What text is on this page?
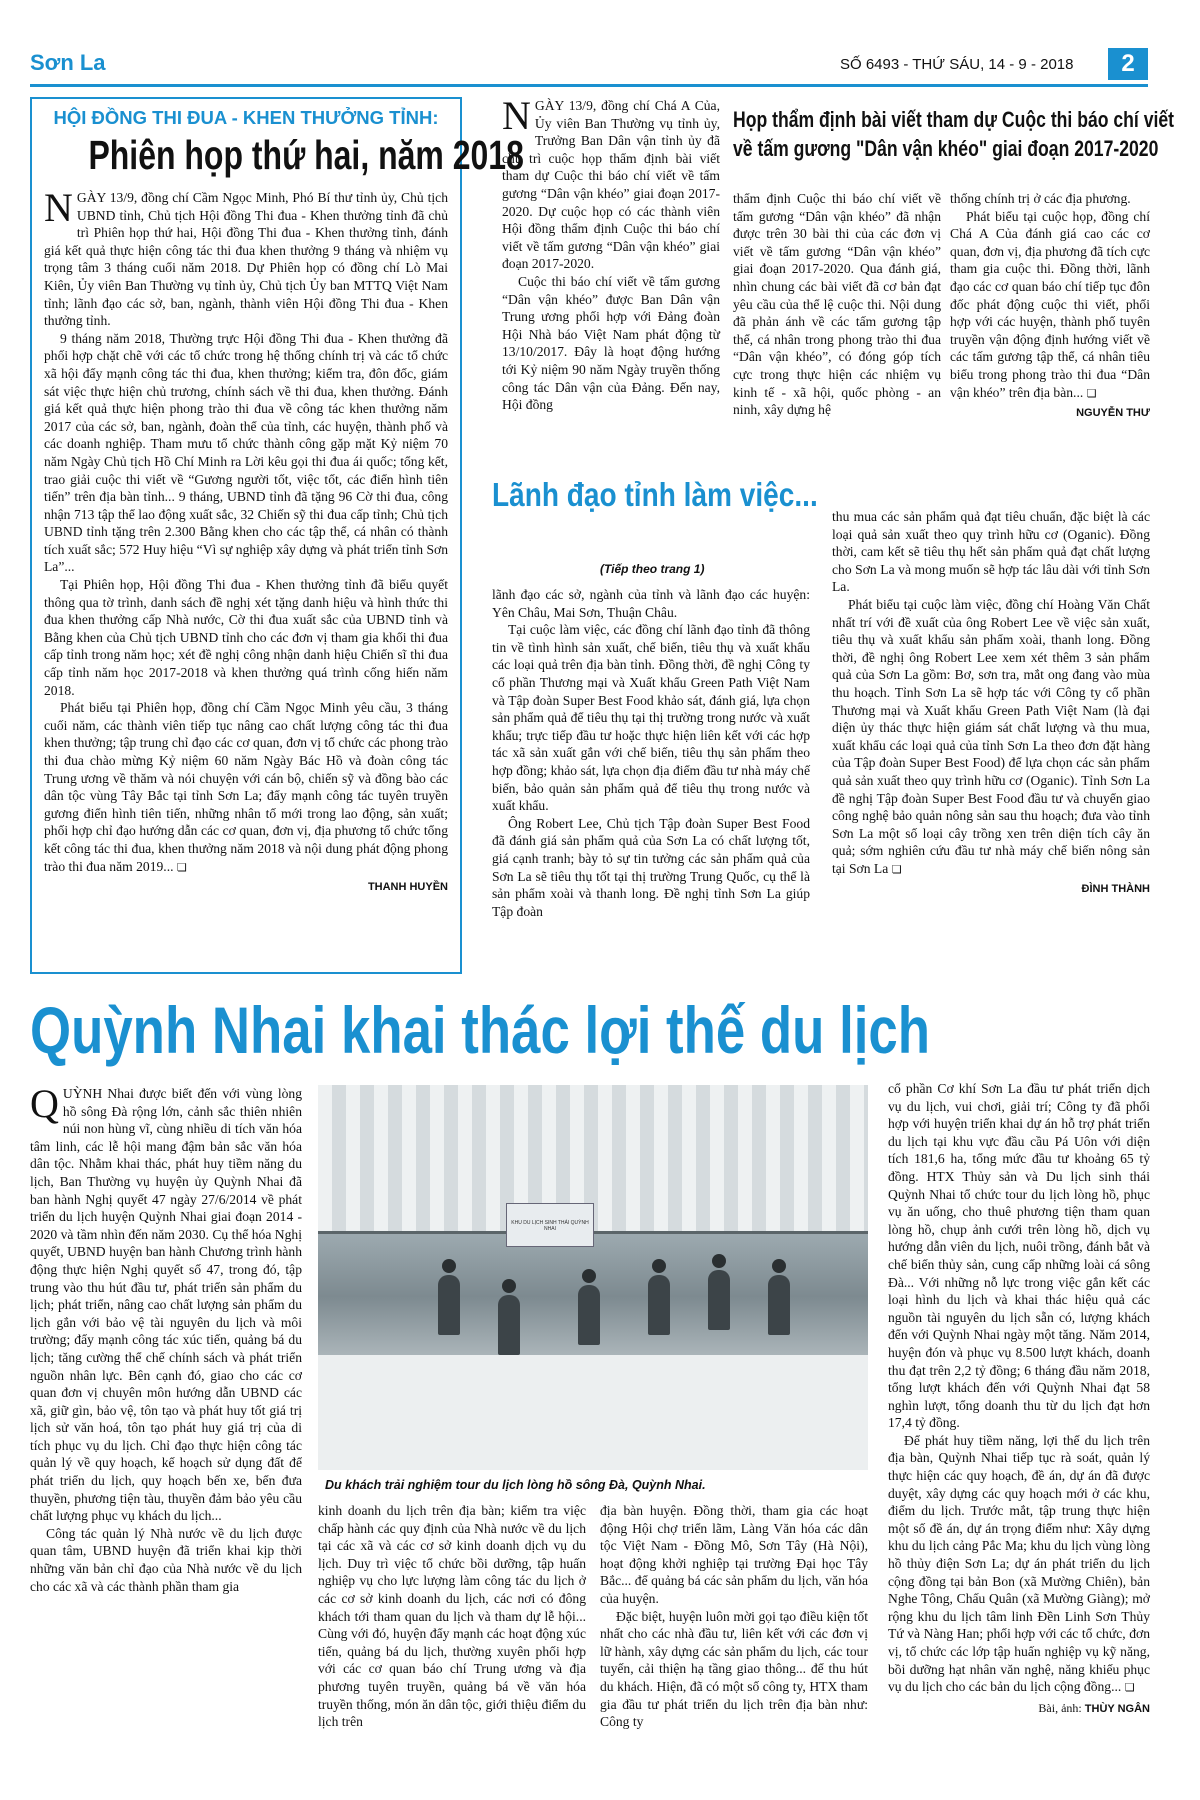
Sơn La	SỐ 6493 - THỨ SÁU, 14 - 9 - 2018	2
HỘI ĐỒNG THI ĐUA - KHEN THƯỞNG TỈNH:
Phiên họp thứ hai, năm 2018

NGÀY 13/9, đồng chí Cầm Ngọc Minh, Phó Bí thư tỉnh ủy, Chủ tịch UBND tỉnh, Chủ tịch Hội đồng Thi đua - Khen thưởng tỉnh đã chủ trì Phiên họp thứ hai, Hội đồng Thi đua - Khen thưởng tỉnh, đánh giá kết quả thực hiện công tác thi đua khen thưởng 9 tháng và nhiệm vụ trọng tâm 3 tháng cuối năm 2018. Dự Phiên họp có đồng chí Lò Mai Kiên, Ủy viên Ban Thường vụ tỉnh ủy, Chủ tịch Ủy ban MTTQ Việt Nam tỉnh; lãnh đạo các sở, ban, ngành, thành viên Hội đồng Thi đua - Khen thưởng tỉnh.

9 tháng năm 2018, Thường trực Hội đồng Thi đua - Khen thưởng đã phối hợp chặt chẽ với các tổ chức trong hệ thống chính trị và các tổ chức xã hội đẩy mạnh công tác thi đua, khen thưởng; kiểm tra, đôn đốc, giám sát việc thực hiện chủ trương, chính sách về thi đua, khen thưởng. Đánh giá kết quả thực hiện phong trào thi đua về công tác khen thưởng năm 2017 của các sở, ban, ngành, đoàn thể của tỉnh, các huyện, thành phố và các doanh nghiệp. Tham mưu tổ chức thành công gặp mặt Kỷ niệm 70 năm Ngày Chủ tịch Hồ Chí Minh ra Lời kêu gọi thi đua ái quốc; tổng kết, trao giải cuộc thi viết về “Gương người tốt, việc tốt, các điển hình tiên tiến” trên địa bàn tỉnh... 9 tháng, UBND tỉnh đã tặng 96 Cờ thi đua, công nhận 713 tập thể lao động xuất sắc, 32 Chiến sỹ thi đua cấp tỉnh; Chủ tịch UBND tỉnh tặng trên 2.300 Bằng khen cho các tập thể, cá nhân có thành tích xuất sắc; 572 Huy hiệu “Vì sự nghiệp xây dựng và phát triển tỉnh Sơn La”...

Tại Phiên họp, Hội đồng Thi đua - Khen thưởng tỉnh đã biểu quyết thông qua tờ trình, danh sách đề nghị xét tặng danh hiệu và hình thức thi đua khen thưởng cấp Nhà nước, Cờ thi đua xuất sắc của UBND tỉnh và Bằng khen của Chủ tịch UBND tỉnh cho các đơn vị tham gia khối thi đua cấp tỉnh trong năm học; xét đề nghị công nhận danh hiệu Chiến sĩ thi đua cấp tỉnh năm học 2017-2018 và khen thưởng quá trình cống hiến năm 2018.

Phát biểu tại Phiên họp, đồng chí Cầm Ngọc Minh yêu cầu, 3 tháng cuối năm, các thành viên tiếp tục nâng cao chất lượng công tác thi đua khen thưởng; tập trung chỉ đạo các cơ quan, đơn vị tổ chức các phong trào thi đua chào mừng Kỷ niệm 60 năm Ngày Bác Hồ và đoàn công tác Trung ương về thăm và nói chuyện với cán bộ, chiến sỹ và đồng bào các dân tộc vùng Tây Bắc tại tỉnh Sơn La; đẩy mạnh công tác tuyên truyền gương điển hình tiên tiến, những nhân tố mới trong lao động, sản xuất; phối hợp chỉ đạo hướng dẫn các cơ quan, đơn vị, địa phương tổ chức tổng kết công tác thi đua, khen thưởng năm 2018 và nội dung phát động phong trào thi đua năm 2019... ❏

THANH HUYỀN

NGÀY 13/9, đồng chí Chá A Của, Ủy viên Ban Thường vụ tỉnh ủy, Trưởng Ban Dân vận tỉnh ủy đã chủ trì cuộc họp thẩm định bài viết tham dự Cuộc thi báo chí viết về tấm gương “Dân vận khéo” giai đoạn 2017-2020. Dự cuộc họp có các thành viên Hội đồng thẩm định Cuộc thi báo chí viết về tấm gương “Dân vận khéo” giai đoạn 2017-2020.

Cuộc thi báo chí viết về tấm gương “Dân vận khéo” được Ban Dân vận Trung ương phối hợp với Đảng đoàn Hội Nhà báo Việt Nam phát động từ 13/10/2017. Đây là hoạt động hướng tới Kỷ niệm 90 năm Ngày truyền thống công tác Dân vận của Đảng. Đến nay, Hội đồng

Họp thẩm định bài viết tham dự Cuộc thi báo chí viết
về tấm gương "Dân vận khéo" giai đoạn 2017-2020

thẩm định Cuộc thi báo chí viết về tấm gương “Dân vận khéo” đã nhận được trên 30 bài thi của các đơn vị viết về tấm gương “Dân vận khéo” giai đoạn 2017-2020. Qua đánh giá, nhìn chung các bài viết đã cơ bản đạt yêu cầu của thể lệ cuộc thi. Nội dung đã phản ánh về các tấm gương tập thể, cá nhân trong phong trào thi đua “Dân vận khéo”, có đóng góp tích cực trong thực hiện các nhiệm vụ kinh tế - xã hội, quốc phòng - an ninh, xây dựng hệ

thống chính trị ở các địa phương.

Phát biểu tại cuộc họp, đồng chí Chá A Của đánh giá cao các cơ quan, đơn vị, địa phương đã tích cực tham gia cuộc thi. Đồng thời, lãnh đạo các cơ quan báo chí tiếp tục đôn đốc phát động cuộc thi viết, phối hợp với các huyện, thành phố tuyên truyền vận động định hướng viết về các tấm gương tập thể, cá nhân tiêu biểu trong phong trào thi đua “Dân vận khéo” trên địa bàn... ❏

NGUYỄN THƯ
Lãnh đạo tỉnh làm việc...
(Tiếp theo trang 1)

lãnh đạo các sở, ngành của tỉnh và lãnh đạo các huyện: Yên Châu, Mai Sơn, Thuận Châu.

Tại cuộc làm việc, các đồng chí lãnh đạo tỉnh đã thông tin về tình hình sản xuất, chế biến, tiêu thụ và xuất khẩu các loại quả trên địa bàn tỉnh. Đồng thời, đề nghị Công ty cổ phần Thương mại và Xuất khẩu Green Path Việt Nam và Tập đoàn Super Best Food khảo sát, đánh giá, lựa chọn sản phẩm quả để tiêu thụ tại thị trường trong nước và xuất khẩu; trực tiếp đầu tư hoặc thực hiện liên kết với các hợp tác xã sản xuất gắn với chế biến, tiêu thụ sản phẩm theo hợp đồng; khảo sát, lựa chọn địa điểm đầu tư nhà máy chế biến, bảo quản sản phẩm quả để tiêu thụ trong nước và xuất khẩu.

Ông Robert Lee, Chủ tịch Tập đoàn Super Best Food đã đánh giá sản phẩm quả của Sơn La có chất lượng tốt, giá cạnh tranh; bày tỏ sự tin tưởng các sản phẩm quả của Sơn La sẽ tiêu thụ tốt tại thị trường Trung Quốc, cụ thể là sản phẩm xoài và thanh long. Đề nghị tỉnh Sơn La giúp Tập đoàn

thu mua các sản phẩm quả đạt tiêu chuẩn, đặc biệt là các loại quả sản xuất theo quy trình hữu cơ (Oganic). Đồng thời, cam kết sẽ tiêu thụ hết sản phẩm quả đạt chất lượng cho Sơn La và mong muốn sẽ hợp tác lâu dài với tỉnh Sơn La.

Phát biểu tại cuộc làm việc, đồng chí Hoàng Văn Chất nhất trí với đề xuất của ông Robert Lee về việc sản xuất, tiêu thụ và xuất khẩu sản phẩm xoài, thanh long. Đồng thời, đề nghị ông Robert Lee xem xét thêm 3 sản phẩm quả của Sơn La gồm: Bơ, sơn tra, mắt ong đang vào mùa thu hoạch. Tỉnh Sơn La sẽ hợp tác với Công ty cổ phần Thương mại và Xuất khẩu Green Path Việt Nam (là đại diện ủy thác thực hiện giám sát chất lượng và thu mua, xuất khẩu các loại quả của tỉnh Sơn La theo đơn đặt hàng của Tập đoàn Super Best Food) để lựa chọn các sản phẩm quả sản xuất theo quy trình hữu cơ (Oganic). Tỉnh Sơn La đề nghị Tập đoàn Super Best Food đầu tư và chuyển giao công nghệ bảo quản nông sản sau thu hoạch; đưa vào tỉnh Sơn La một số loại cây trồng xen trên diện tích cây ăn quả; sớm nghiên cứu đầu tư nhà máy chế biến nông sản tại Sơn La ❏

ĐÌNH THÀNH
Quỳnh Nhai khai thác lợi thế du lịch

QUỲNH Nhai được biết đến với vùng lòng hồ sông Đà rộng lớn, cảnh sắc thiên nhiên núi non hùng vĩ, cùng nhiều di tích văn hóa tâm linh, các lễ hội mang đậm bản sắc văn hóa dân tộc. Nhằm khai thác, phát huy tiềm năng du lịch, Ban Thường vụ huyện ủy Quỳnh Nhai đã ban hành Nghị quyết 47 ngày 27/6/2014 về phát triển du lịch huyện Quỳnh Nhai giai đoạn 2014 - 2020 và tầm nhìn đến năm 2030. Cụ thể hóa Nghị quyết, UBND huyện ban hành Chương trình hành động thực hiện Nghị quyết số 47, trong đó, tập trung vào thu hút đầu tư, phát triển sản phẩm du lịch; phát triển, nâng cao chất lượng sản phẩm du lịch gắn với bảo vệ tài nguyên du lịch và môi trường; đẩy mạnh công tác xúc tiến, quảng bá du lịch; tăng cường thể chế chính sách và phát triển nguồn nhân lực. Bên cạnh đó, giao cho các cơ quan đơn vị chuyên môn hướng dẫn UBND các xã, giữ gìn, bảo vệ, tôn tạo và phát huy tốt giá trị lịch sử văn hoá, tôn tạo phát huy giá trị của di tích phục vụ du lịch. Chỉ đạo thực hiện công tác quản lý về quy hoạch, kế hoạch sử dụng đất để phát triển du lịch, quy hoạch bến xe, bến đưa thuyền, phương tiện tàu, thuyền đảm bảo yêu cầu chất lượng phục vụ khách du lịch...

Công tác quản lý Nhà nước về du lịch được quan tâm, UBND huyện đã triển khai kịp thời những văn bản chỉ đạo của Nhà nước về du lịch cho các xã và các thành phần tham gia

KHU DU LỊCH SINH THÁI QUỲNH NHAI
Du khách trải nghiệm tour du lịch lòng hồ sông Đà, Quỳnh Nhai.

kinh doanh du lịch trên địa bàn; kiểm tra việc chấp hành các quy định của Nhà nước về du lịch tại các xã và các cơ sở kinh doanh dịch vụ du lịch. Duy trì việc tổ chức bồi dưỡng, tập huấn nghiệp vụ cho lực lượng làm công tác du lịch ở các cơ sở kinh doanh du lịch, các nơi có đông khách tới tham quan du lịch và tham dự lễ hội... Cùng với đó, huyện đẩy mạnh các hoạt động xúc tiến, quảng bá du lịch, thường xuyên phối hợp với các cơ quan báo chí Trung ương và địa phương tuyên truyền, quảng bá về văn hóa truyền thống, món ăn dân tộc, giới thiệu điểm du lịch trên

địa bàn huyện. Đồng thời, tham gia các hoạt động Hội chợ triển lãm, Làng Văn hóa các dân tộc Việt Nam - Đồng Mô, Sơn Tây (Hà Nội), hoạt động khởi nghiệp tại trường Đại học Tây Bắc... để quảng bá các sản phẩm du lịch, văn hóa của huyện.

Đặc biệt, huyện luôn mời gọi tạo điều kiện tốt nhất cho các nhà đầu tư, liên kết với các đơn vị lữ hành, xây dựng các sản phẩm du lịch, các tour tuyến, cải thiện hạ tầng giao thông... để thu hút du khách. Hiện, đã có một số công ty, HTX tham gia đầu tư phát triển du lịch trên địa bàn như: Công ty

cổ phần Cơ khí Sơn La đầu tư phát triển dịch vụ du lịch, vui chơi, giải trí; Công ty đã phối hợp với huyện triển khai dự án hỗ trợ phát triển du lịch tại khu vực đầu cầu Pá Uôn với diện tích 181,6 ha, tổng mức đầu tư khoảng 65 tỷ đồng. HTX Thủy sản và Du lịch sinh thái Quỳnh Nhai tổ chức tour du lịch lòng hồ, phục vụ ăn uống, cho thuê phương tiện tham quan lòng hồ, chụp ảnh cưới trên lòng hồ, dịch vụ hướng dẫn viên du lịch, nuôi trồng, đánh bắt và chế biến thủy sản, cung cấp những loài cá sông Đà... Với những nỗ lực trong việc gắn kết các loại hình du lịch và khai thác hiệu quả các nguồn tài nguyên du lịch sẵn có, lượng khách đến với Quỳnh Nhai ngày một tăng. Năm 2014, huyện đón và phục vụ 8.500 lượt khách, doanh thu đạt trên 2,2 tỷ đồng; 6 tháng đầu năm 2018, tổng lượt khách đến với Quỳnh Nhai đạt 58 nghìn lượt, tổng doanh thu từ du lịch đạt hơn 17,4 tỷ đồng.

Để phát huy tiềm năng, lợi thế du lịch trên địa bàn, Quỳnh Nhai tiếp tục rà soát, quản lý thực hiện các quy hoạch, đề án, dự án đã được duyệt, xây dựng các quy hoạch mới ở các khu, điểm du lịch. Trước mắt, tập trung thực hiện một số đề án, dự án trọng điểm như: Xây dựng khu du lịch cảng Pắc Ma; khu du lịch vùng lòng hồ thủy điện Sơn La; dự án phát triển du lịch cộng đồng tại bản Bon (xã Mường Chiên), bản Nghe Tông, Chấu Quân (xã Mường Giàng); mở rộng khu du lịch tâm linh Đền Linh Sơn Thủy Tứ và Nàng Han; phối hợp với các tổ chức, đơn vị, tổ chức các lớp tập huấn nghiệp vụ kỹ năng, bồi dưỡng hạt nhân văn nghệ, năng khiếu phục vụ du lịch cho các bản du lịch cộng đồng... ❏

Bài, ảnh: THÙY NGÂN
